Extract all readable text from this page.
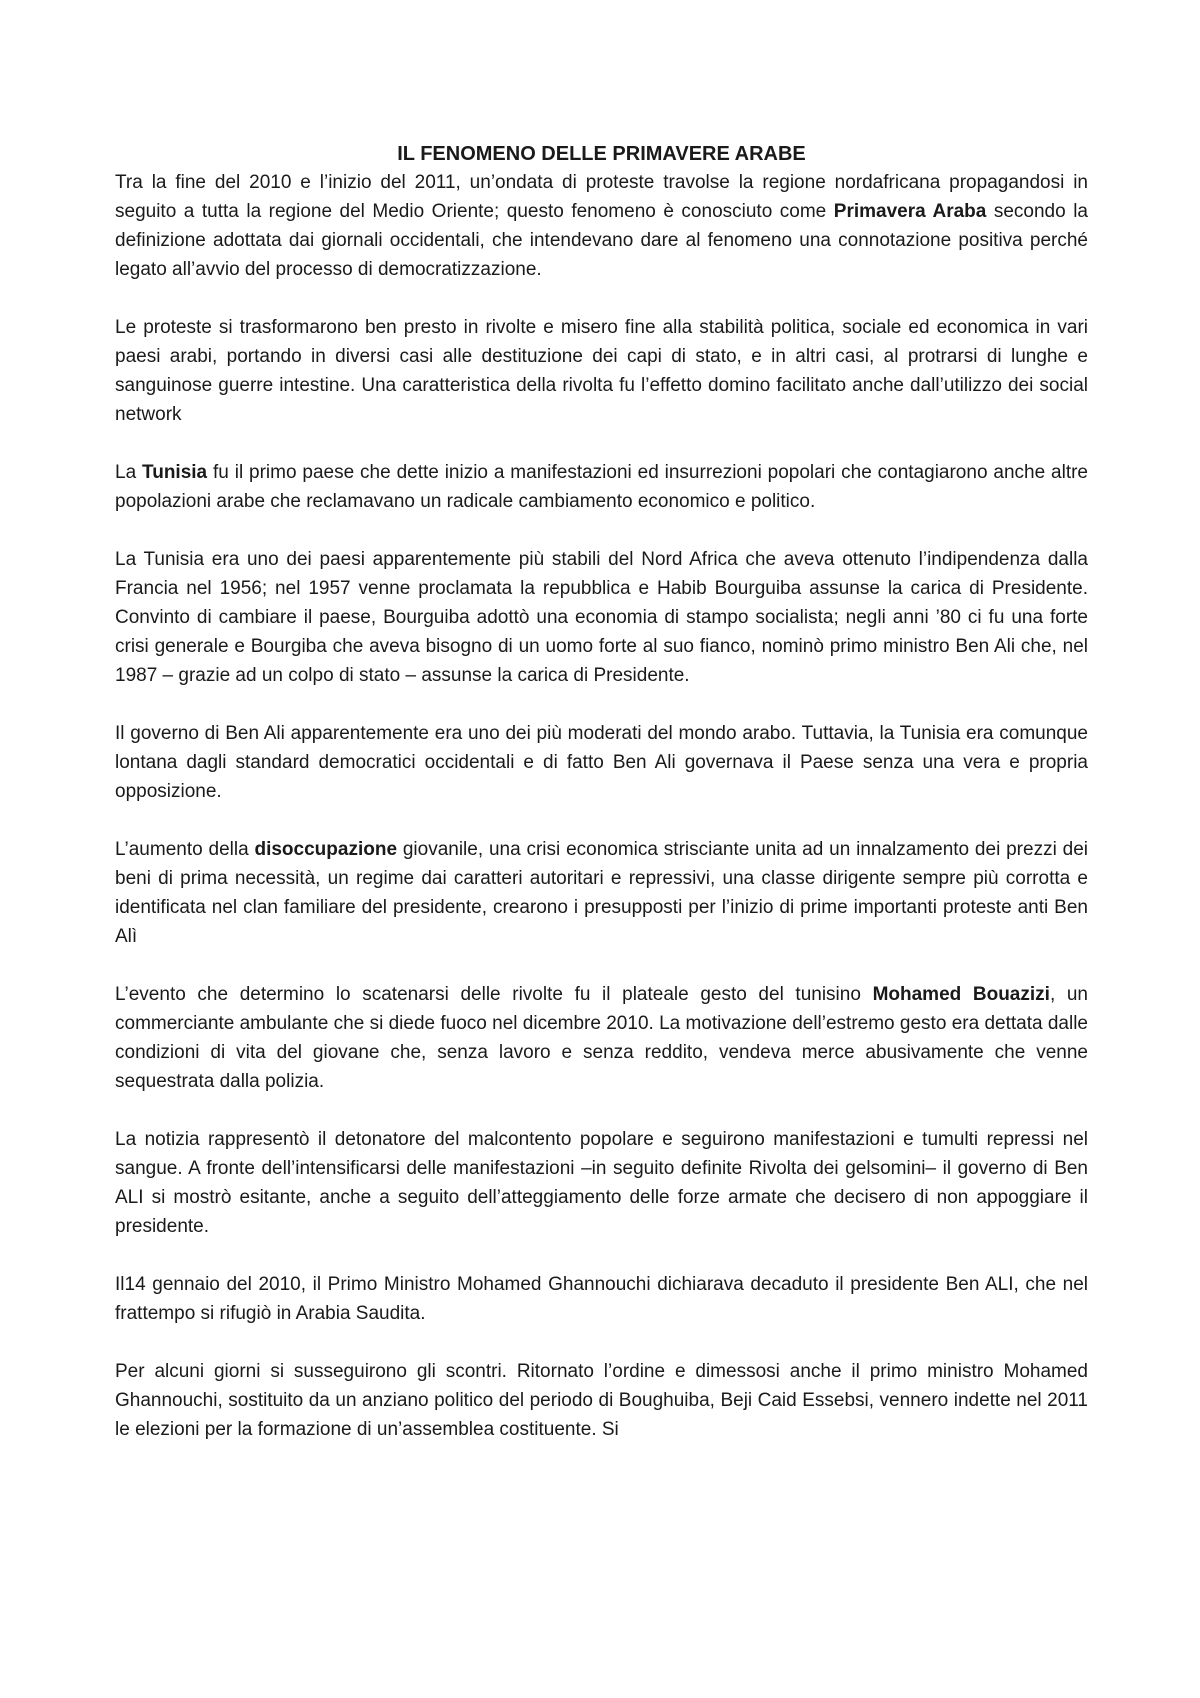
IL FENOMENO DELLE PRIMAVERE ARABE

Tra la fine del 2010 e l’inizio del 2011, un’ondata di proteste travolse la regione nordafricana propagandosi in seguito a tutta la regione del Medio Oriente; questo fenomeno è conosciuto come Primavera Araba secondo la definizione adottata dai giornali occidentali, che intendevano dare al fenomeno una connotazione positiva perché legato all’avvio del processo di democratizzazione.

Le proteste si trasformarono ben presto in rivolte e misero fine alla stabilità politica, sociale ed economica in vari paesi arabi, portando in diversi casi alle destituzione dei capi di stato, e in altri casi, al protrarsi di lunghe e sanguinose guerre intestine. Una caratteristica della rivolta fu l’effetto domino facilitato anche dall’utilizzo dei social network

La Tunisia fu il primo paese che dette inizio a manifestazioni ed insurrezioni popolari che contagiarono anche altre popolazioni arabe che reclamavano un radicale cambiamento economico e politico.

La Tunisia era uno dei paesi apparentemente più stabili del Nord Africa che aveva ottenuto l’indipendenza dalla Francia nel 1956; nel 1957 venne proclamata la repubblica e Habib Bourguiba assunse la carica di Presidente. Convinto di cambiare il paese, Bourguiba adottò una economia di stampo socialista; negli anni ’80 ci fu una forte crisi generale e Bourgiba che aveva bisogno di un uomo forte al suo fianco, nominò primo ministro Ben Ali che, nel 1987 – grazie ad un colpo di stato – assunse la carica di Presidente.

Il governo di Ben Ali apparentemente era uno dei più moderati del mondo arabo. Tuttavia, la Tunisia era comunque lontana dagli standard democratici occidentali e di fatto Ben Ali governava il Paese senza una vera e propria opposizione.

L’aumento della disoccupazione giovanile, una crisi economica strisciante unita ad un innalzamento dei prezzi dei beni di prima necessità, un regime dai caratteri autoritari e repressivi, una classe dirigente sempre più corrotta e identificata nel clan familiare del presidente, crearono i presupposti per l’inizio di prime importanti proteste anti Ben Alì

L’evento che determino lo scatenarsi delle rivolte fu il plateale gesto del tunisino Mohamed Bouazizi, un commerciante ambulante che si diede fuoco nel dicembre 2010. La motivazione dell’estremo gesto era dettata dalle condizioni di vita del giovane che, senza lavoro e senza reddito, vendeva merce abusivamente che venne sequestrata dalla polizia.

La notizia rappresentò il detonatore del malcontento popolare e seguirono manifestazioni e tumulti repressi nel sangue. A fronte dell’intensificarsi delle manifestazioni –in seguito definite Rivolta dei gelsomini– il governo di Ben ALI si mostrò esitante, anche a seguito dell’atteggiamento delle forze armate che decisero di non appoggiare il presidente.

Il14 gennaio del 2010, il Primo Ministro Mohamed Ghannouchi dichiarava decaduto il presidente Ben ALI, che nel frattempo si rifugiò in Arabia Saudita.

Per alcuni giorni si susseguirono gli scontri. Ritornato l’ordine e dimessosi anche il primo ministro Mohamed Ghannouchi, sostituito da un anziano politico del periodo di Boughuiba, Beji Caid Essebsi, vennero indette nel 2011 le elezioni per la formazione di un’assemblea costituente. Si
